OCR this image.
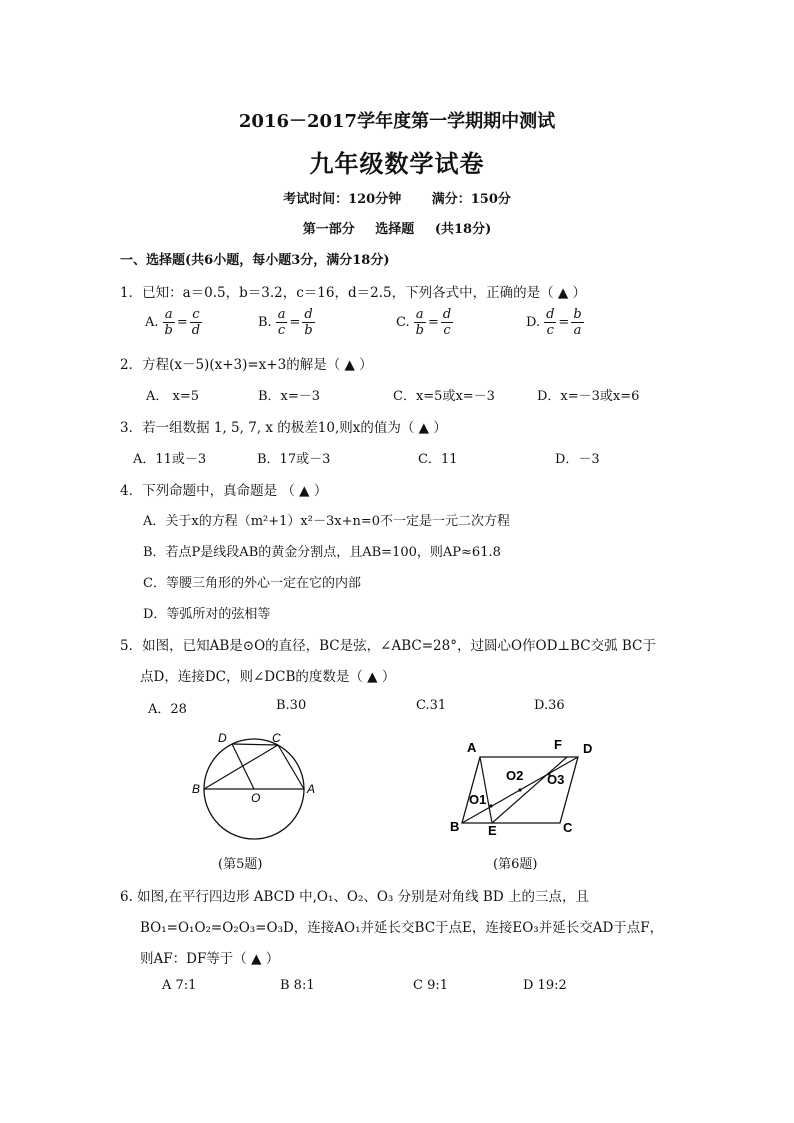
2016－2017学年度第一学期期中测试
九年级数学试卷
考试时间：120分钟 满分：150分
第一部分 选择题 (共18分)
一、选择题(共6小题，每小题3分，满分18分)
1．已知：a＝0.5，b＝3.2，c＝16，d＝2.5，下列各式中，正确的是（ ▲ ）
A. $\frac{a}{b} = \frac{c}{d}$	B. $\frac{a}{c} = \frac{d}{b}$	C. $\frac{a}{b} = \frac{d}{c}$	D. $\frac{d}{c} = \frac{b}{a}$
2．方程(x－5)(x+3)=x+3的解是（ ▲ ）
A． x=5	B．x=－3	C．x=5或x=－3	D．x=－3或x=6
3．若一组数据 1, 5, 7, x 的极差10,则x的值为（ ▲ ）
A．11或－3	B．17或－3	C．11	D．－3
4．下列命题中，真命题是 （ ▲ ）
A．关于x的方程（m²+1）x²－3x+n=0不一定是一元二次方程
B．若点P是线段AB的黄金分割点，且AB=100，则AP≈61.8
C．等腰三角形的外心一定在它的内部
D．等弧所对的弦相等
5．如图，已知AB是⊙O的直径，BC是弦，∠ABC=28°，过圆心O作OD⊥BC交弧 BC于
点D，连接DC，则∠DCB的度数是（ ▲ ）
A．28	B.30	C.31	D.36
D	C
B
O
A
(第5题)
A	F D
O2 O3
O1
B E	C
(第6题)
6. 如图,在平行四边形 ABCD 中,O₁、O₂、O₃ 分别是对角线 BD 上的三点，且
BO₁=O₁O₂=O₂O₃=O₃D，连接AO₁并延长交BC于点E，连接EO₃并延长交AD于点F，
则AF：DF等于（ ▲ ）
A 7:1	B 8:1	C 9:1	D 19:2
